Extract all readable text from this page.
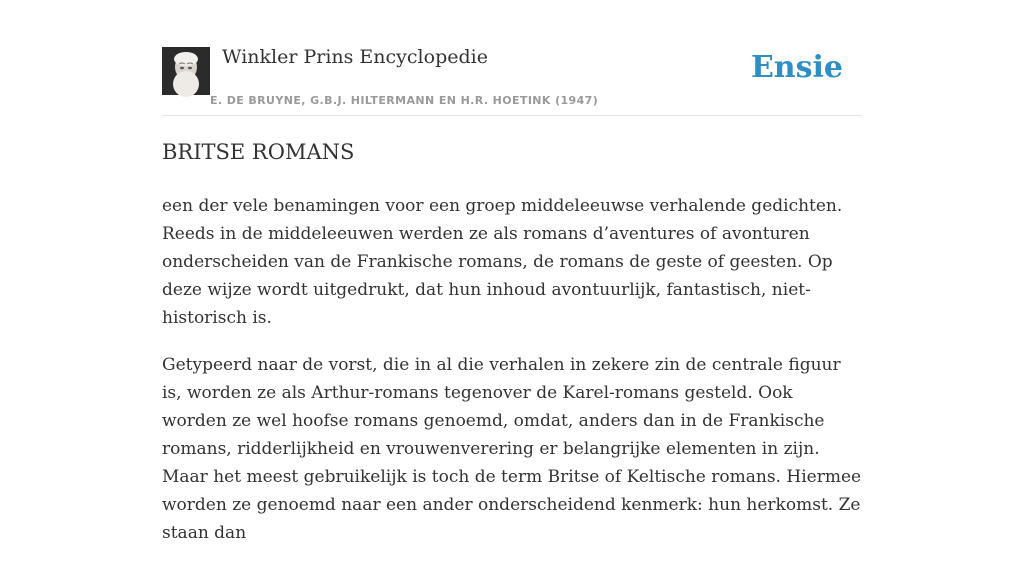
Winkler Prins Encyclopedie
E. DE BRUYNE, G.B.J. HILTERMANN EN H.R. HOETINK (1947)
Ensie
BRITSE ROMANS

een der vele benamingen voor een groep middeleeuwse verhalende gedichten. Reeds in de middeleeuwen werden ze als romans d’aventures of avonturen onderscheiden van de Frankische romans, de romans de geste of geesten. Op deze wijze wordt uitgedrukt, dat hun inhoud avontuurlijk, fantastisch, niet-historisch is.

Getypeerd naar de vorst, die in al die verhalen in zekere zin de centrale figuur is, worden ze als Arthur-romans tegenover de Karel-romans gesteld. Ook worden ze wel hoofse romans genoemd, omdat, anders dan in de Frankische romans, ridderlijkheid en vrouwenverering er belangrijke elementen in zijn. Maar het meest gebruikelijk is toch de term Britse of Keltische romans. Hiermee worden ze genoemd naar een ander onderscheidend kenmerk: hun herkomst. Ze staan dan
